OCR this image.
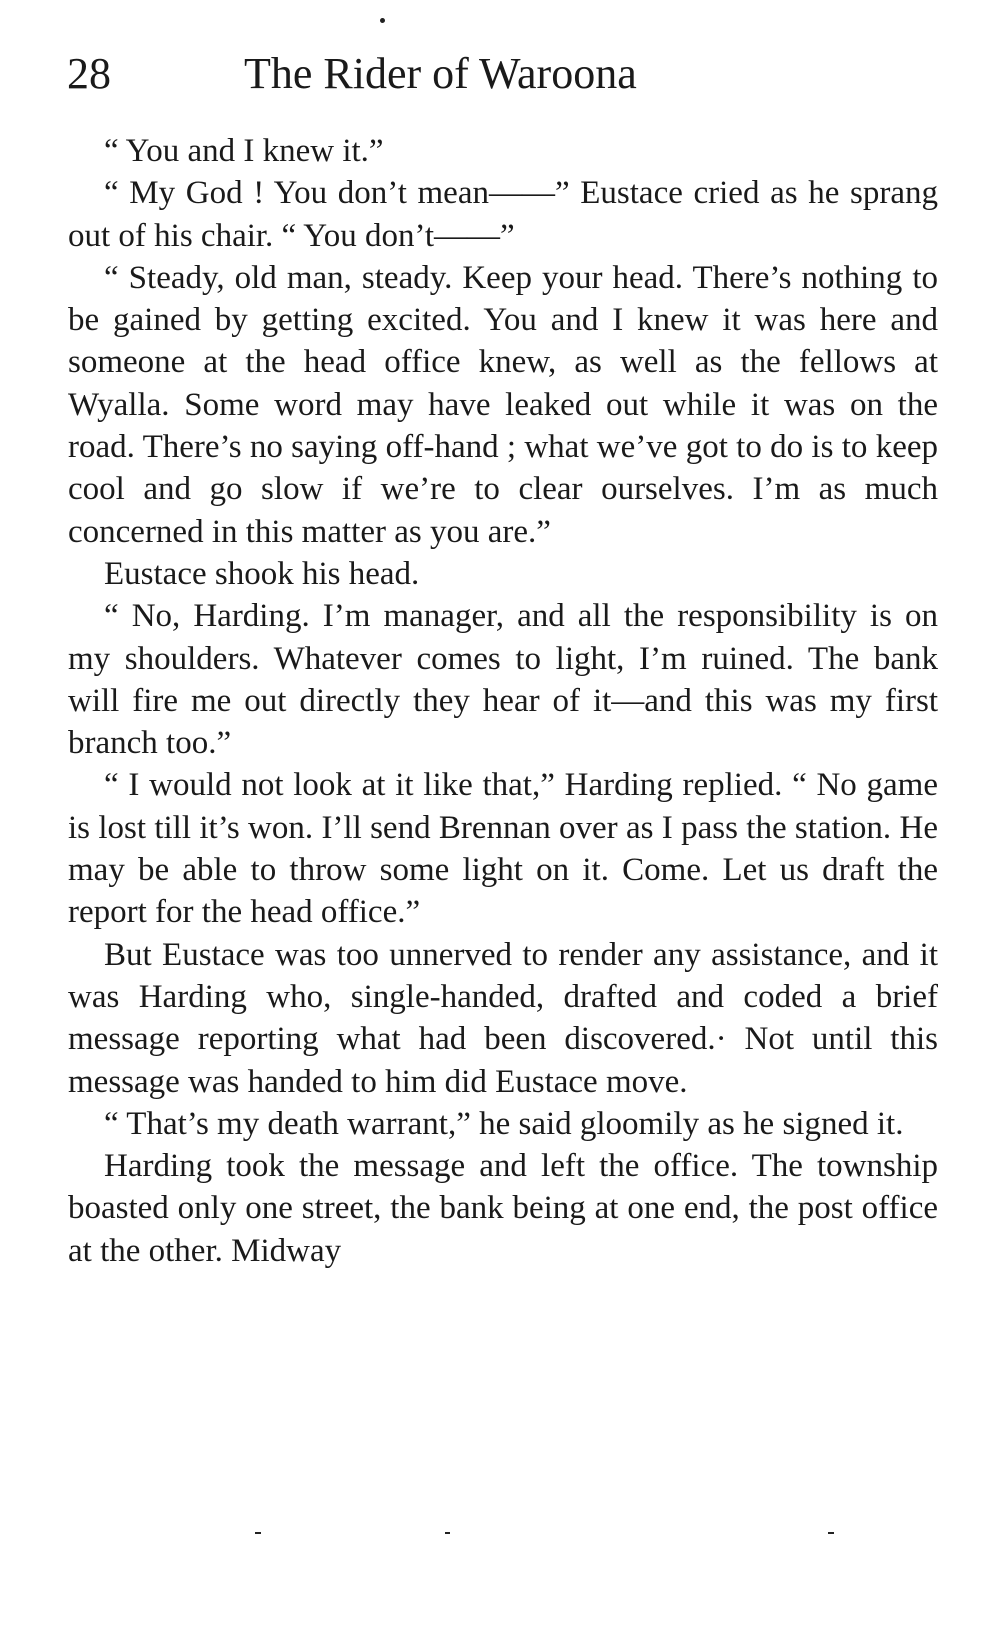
28	The Rider of Waroona

“ You and I knew it.”

“ My God ! You don’t mean——” Eustace cried as he sprang out of his chair. “ You don’t——”

“ Steady, old man, steady. Keep your head. There’s nothing to be gained by getting excited. You and I knew it was here and someone at the head office knew, as well as the fellows at Wyalla. Some word may have leaked out while it was on the road. There’s no saying off-hand ; what we’ve got to do is to keep cool and go slow if we’re to clear ourselves. I’m as much concerned in this matter as you are.”

Eustace shook his head.

“ No, Harding. I’m manager, and all the responsibility is on my shoulders. Whatever comes to light, I’m ruined. The bank will fire me out directly they hear of it—and this was my first branch too.”

“ I would not look at it like that,” Harding replied. “ No game is lost till it’s won. I’ll send Brennan over as I pass the station. He may be able to throw some light on it. Come. Let us draft the report for the head office.”

But Eustace was too unnerved to render any assistance, and it was Harding who, single-handed, drafted and coded a brief message reporting what had been discovered.· Not until this message was handed to him did Eustace move.

“ That’s my death warrant,” he said gloomily as he signed it.

Harding took the message and left the office. The township boasted only one street, the bank being at one end, the post office at the other. Midway
